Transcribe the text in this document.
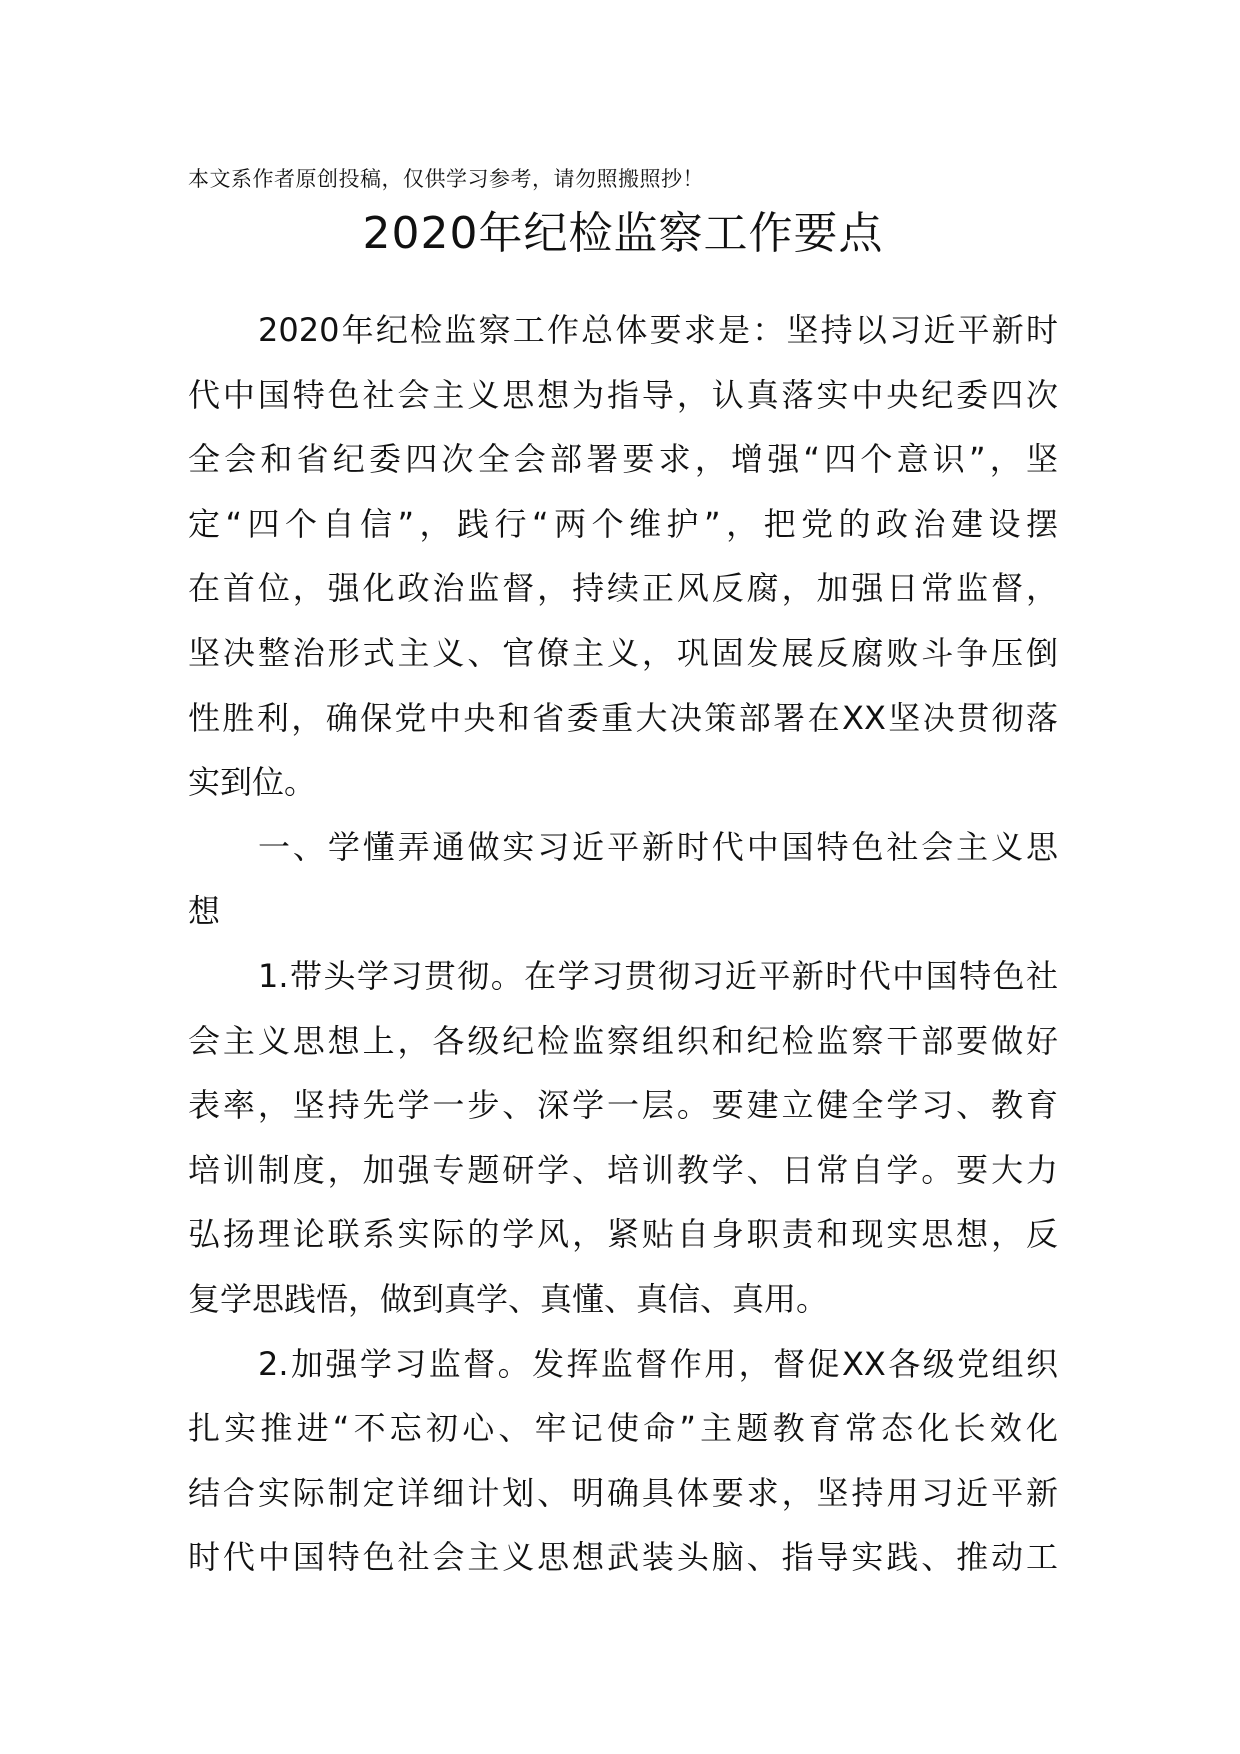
本文系作者原创投稿，仅供学习参考，请勿照搬照抄！
2020年纪检监察工作要点

2020年纪检监察工作总体要求是：坚持以习近平新时
代中国特色社会主义思想为指导，认真落实中央纪委四次
全会和省纪委四次全会部署要求，增强“四个意识”，坚
定“四个自信”，践行“两个维护”，把党的政治建设摆
在首位，强化政治监督，持续正风反腐，加强日常监督，
坚决整治形式主义、官僚主义，巩固发展反腐败斗争压倒
性胜利，确保党中央和省委重大决策部署在XX坚决贯彻落
实到位。

一、学懂弄通做实习近平新时代中国特色社会主义思
想

1.带头学习贯彻。在学习贯彻习近平新时代中国特色社
会主义思想上，各级纪检监察组织和纪检监察干部要做好
表率，坚持先学一步、深学一层。要建立健全学习、教育
培训制度，加强专题研学、培训教学、日常自学。要大力
弘扬理论联系实际的学风，紧贴自身职责和现实思想，反
复学思践悟，做到真学、真懂、真信、真用。

2.加强学习监督。发挥监督作用，督促XX各级党组织
扎实推进“不忘初心、牢记使命”主题教育常态化长效化
结合实际制定详细计划、明确具体要求，坚持用习近平新
时代中国特色社会主义思想武装头脑、指导实践、推动工
